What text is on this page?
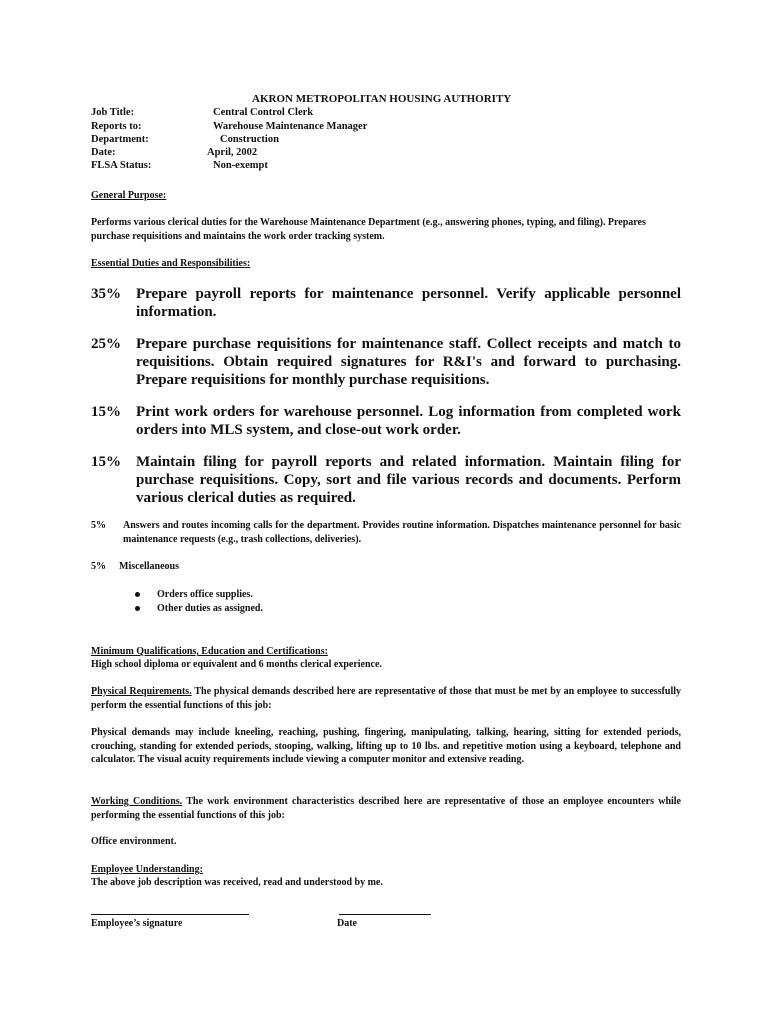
AKRON METROPOLITAN HOUSING AUTHORITY
Job Title:	Central Control Clerk
Reports to:	Warehouse Maintenance Manager
Department:	Construction
Date:	April, 2002
FLSA Status:	Non-exempt
General Purpose:
Performs various clerical duties for the Warehouse Maintenance Department (e.g., answering phones, typing, and filing). Prepares purchase requisitions and maintains the work order tracking system.
Essential Duties and Responsibilities:
35% Prepare payroll reports for maintenance personnel. Verify applicable personnel information.
25% Prepare purchase requisitions for maintenance staff. Collect receipts and match to requisitions. Obtain required signatures for R&I's and forward to purchasing. Prepare requisitions for monthly purchase requisitions.
15% Print work orders for warehouse personnel. Log information from completed work orders into MLS system, and close-out work order.
15% Maintain filing for payroll reports and related information. Maintain filing for purchase requisitions. Copy, sort and file various records and documents. Perform various clerical duties as required.
5% Answers and routes incoming calls for the department. Provides routine information. Dispatches maintenance personnel for basic maintenance requests (e.g., trash collections, deliveries).
5% Miscellaneous
Orders office supplies.
Other duties as assigned.
Minimum Qualifications, Education and Certifications:
High school diploma or equivalent and 6 months clerical experience.
Physical Requirements. The physical demands described here are representative of those that must be met by an employee to successfully perform the essential functions of this job:
Physical demands may include kneeling, reaching, pushing, fingering, manipulating, talking, hearing, sitting for extended periods, crouching, standing for extended periods, stooping, walking, lifting up to 10 lbs. and repetitive motion using a keyboard, telephone and calculator. The visual acuity requirements include viewing a computer monitor and extensive reading.
Working Conditions. The work environment characteristics described here are representative of those an employee encounters while performing the essential functions of this job:
Office environment.
Employee Understanding:
The above job description was received, read and understood by me.
Employee’s signature	Date
